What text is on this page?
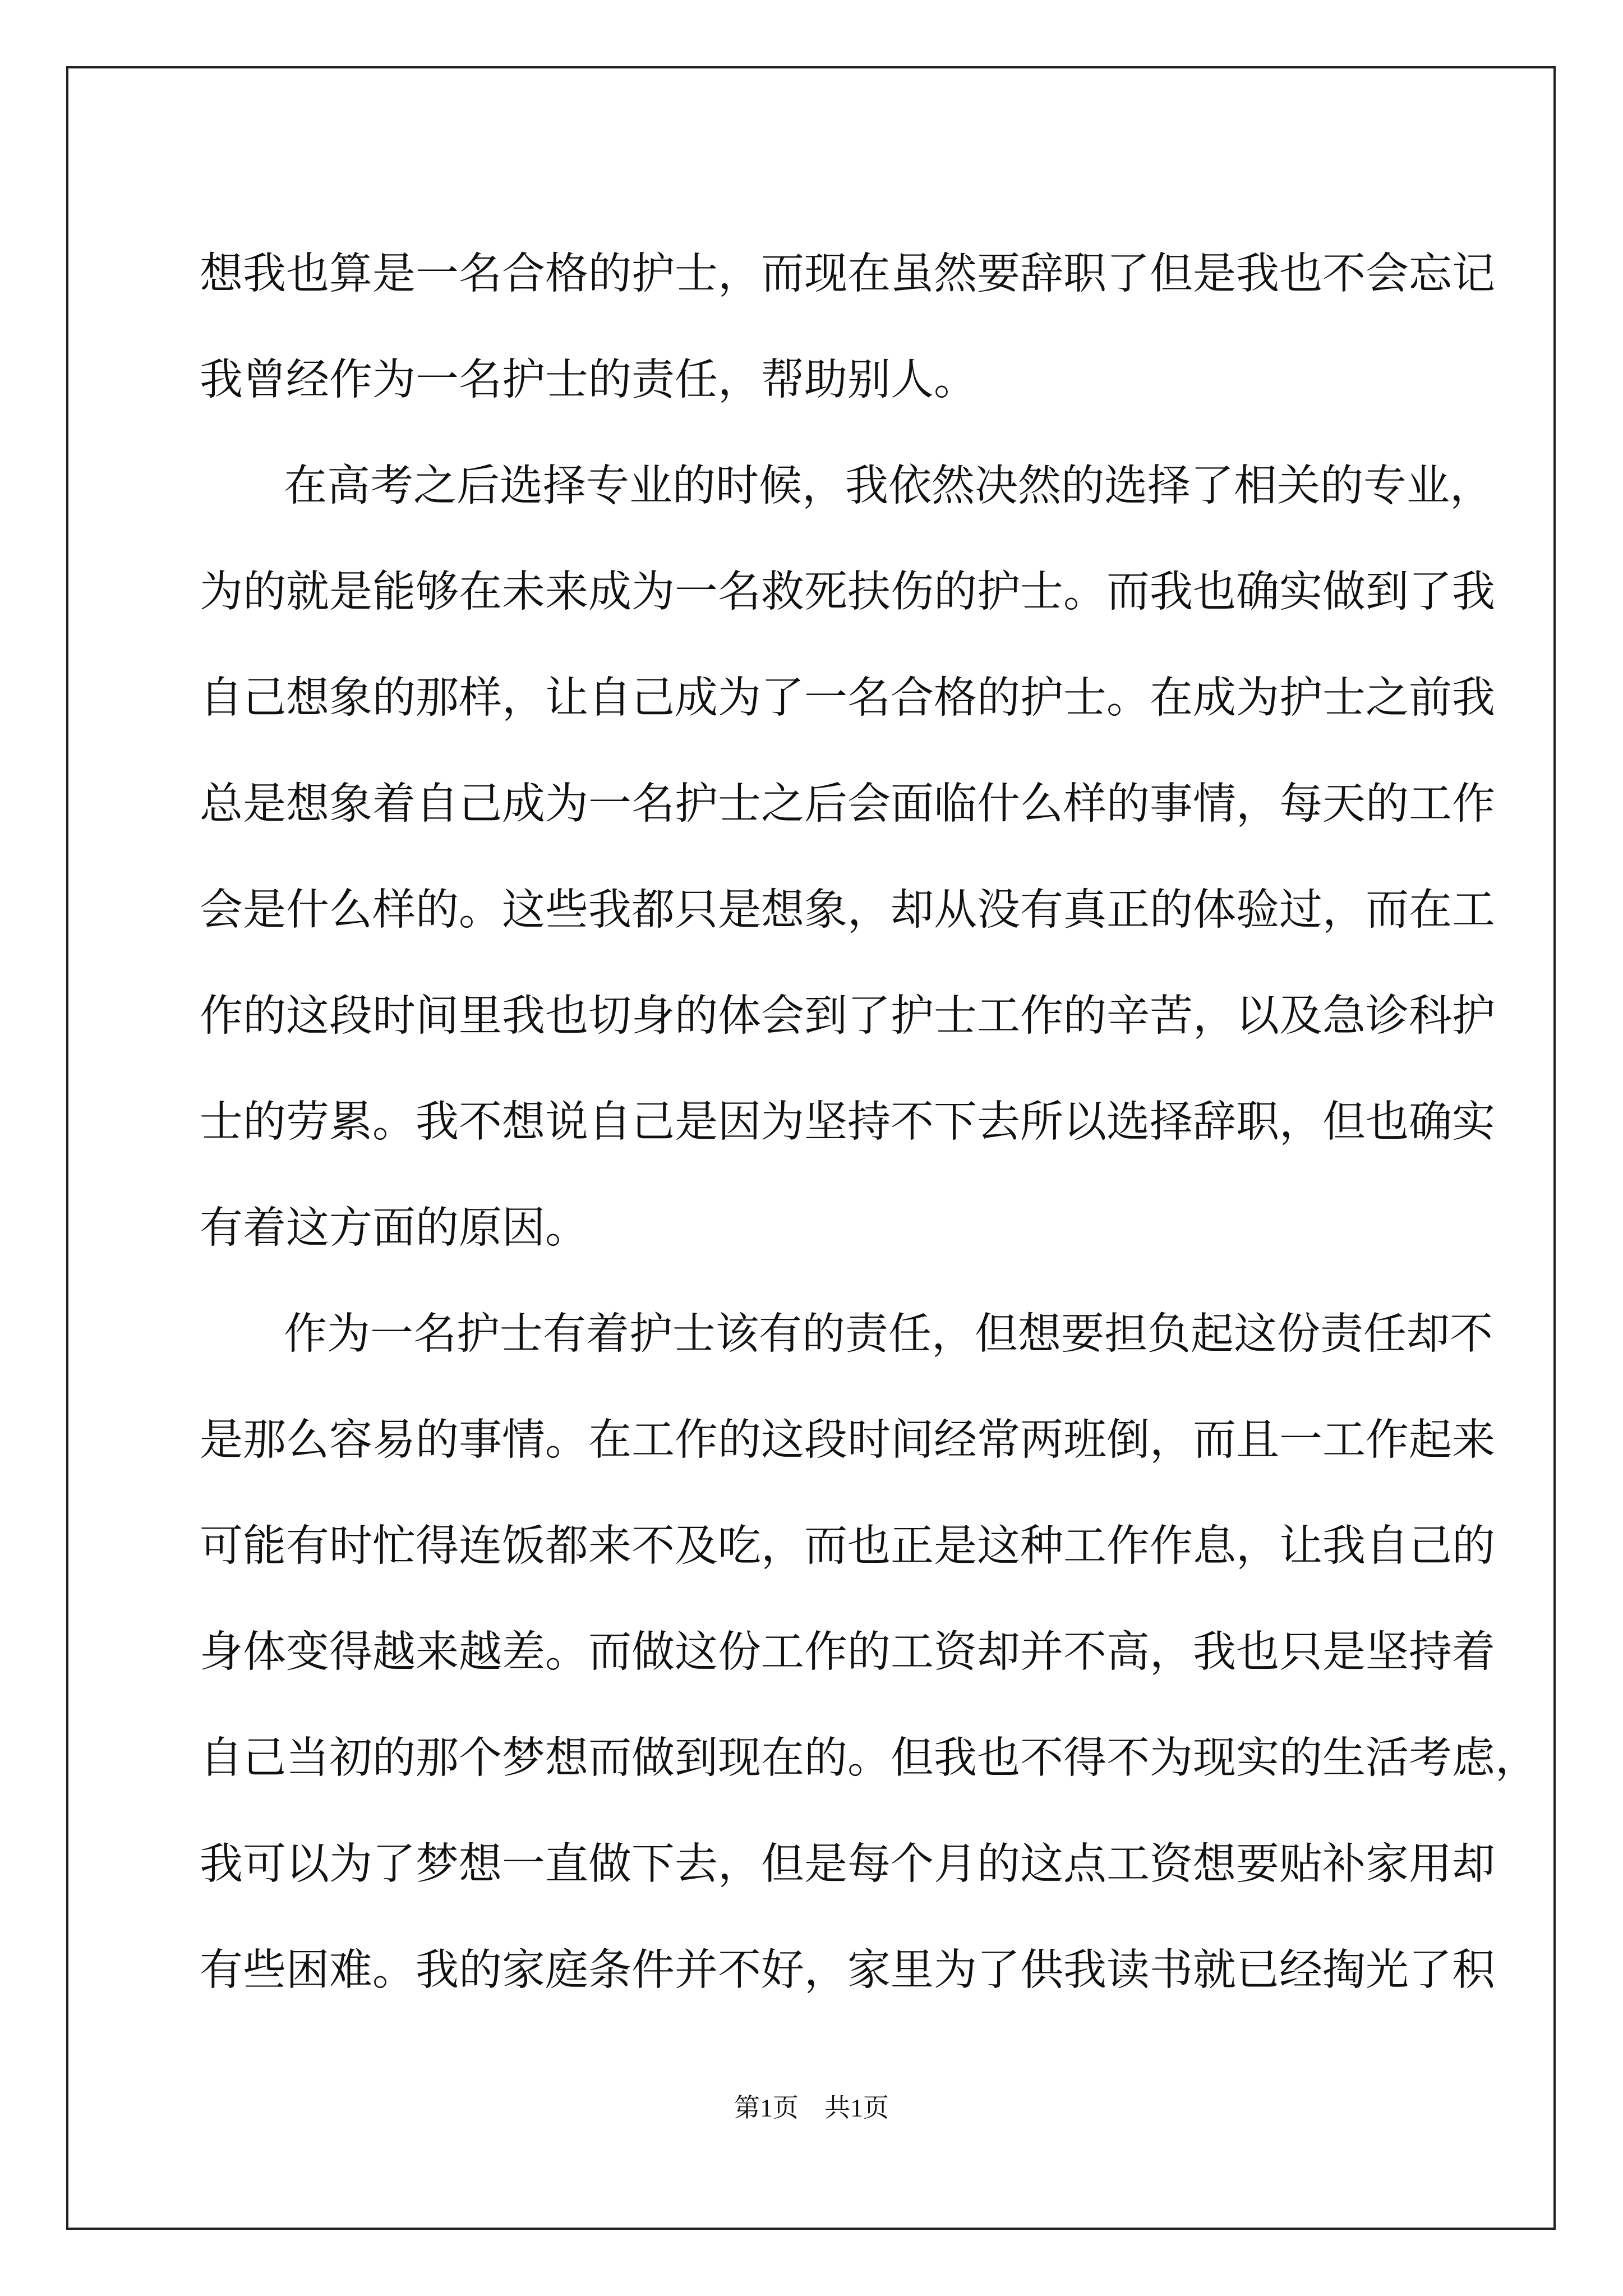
想我也算是一名合格的护士，而现在虽然要辞职了但是我也不会忘记
我曾经作为一名护士的责任，帮助别人。
在高考之后选择专业的时候，我依然决然的选择了相关的专业，
为的就是能够在未来成为一名救死扶伤的护士。而我也确实做到了我
自己想象的那样，让自己成为了一名合格的护士。在成为护士之前我
总是想象着自己成为一名护士之后会面临什么样的事情，每天的工作
会是什么样的。这些我都只是想象，却从没有真正的体验过，而在工
作的这段时间里我也切身的体会到了护士工作的辛苦，以及急诊科护
士的劳累。我不想说自己是因为坚持不下去所以选择辞职，但也确实
有着这方面的原因。
作为一名护士有着护士该有的责任，但想要担负起这份责任却不
是那么容易的事情。在工作的这段时间经常两班倒，而且一工作起来
可能有时忙得连饭都来不及吃，而也正是这种工作作息，让我自己的
身体变得越来越差。而做这份工作的工资却并不高，我也只是坚持着
自己当初的那个梦想而做到现在的。但我也不得不为现实的生活考虑，
我可以为了梦想一直做下去，但是每个月的这点工资想要贴补家用却
有些困难。我的家庭条件并不好，家里为了供我读书就已经掏光了积
第1页 共1页
